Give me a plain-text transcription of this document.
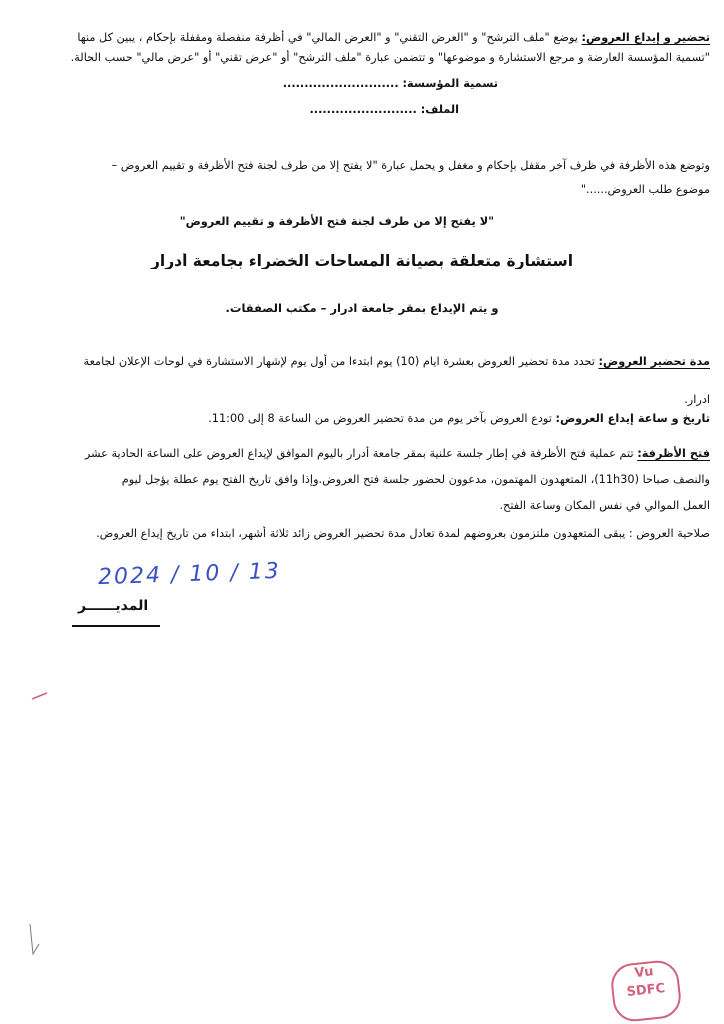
تحضير و إيداع العروض: يوضع "ملف الترشح" و "العرض التقني" و "العرض المالي" في أظرفة منفصلة ومقفلة بإحكام ، يبين كل منها
"تسمية المؤسسة العارضة و مرجع الاستشارة و موضوعها" و تتضمن عبارة "ملف الترشح" أو "عرض تقني" أو "عرض مالي" حسب الحالة.
تسمية المؤسسة: ...........................
الملف: .........................
وتوضع هذه الأظرفة في ظرف آخر مقفل بإحكام و مغفل و يحمل عبارة "لا يفتح إلا من طرف لجنة فتح الأظرفة و تقييم العروض –
موضوع طلب العروض......"
"لا يفتح إلا من طرف لجنة فتح الأظرفة و تقييم العروض"
استشارة متعلقة بصيانة المساحات الخضراء بجامعة أدرار
و يتم الإيداع بمقر جامعة ادرار – مكتب الصفقات.
مدة تحضير العروض: تحدد مدة تحضير العروض بعشرة ايام (10) يوم ابتدءا من أول يوم لإشهار الاستشارة في لوحات الإعلان لجامعة
ادرار.
تاريخ و ساعة إيداع العروض: تودع العروض بآخر يوم من مدة تحضير العروض من الساعة 8 إلى 11:00.
فتح الأظرفة: تتم عملية فتح الأظرفة في إطار جلسة علنية بمقر جامعة أدرار باليوم الموافق لإيداع العروض على الساعة الحادية عشر
والنصف صباحا (11h30)، المتعهدون المهتمون، مدعوون لحضور جلسة فتح العروض.وإذا وافق تاريخ الفتح يوم عطلة يؤجل ليوم
العمل الموالي في نفس المكان وساعة الفتح.
صلاحية العروض : يبقى المتعهدون ملتزمون بعروضهم لمدة تعادل مدة تحضير العروض زائد ثلاثة أشهر، ابتداء من تاريخ إيداع العروض.
2024 / 10 / 13
المديــــــر
Vu
SDFC
